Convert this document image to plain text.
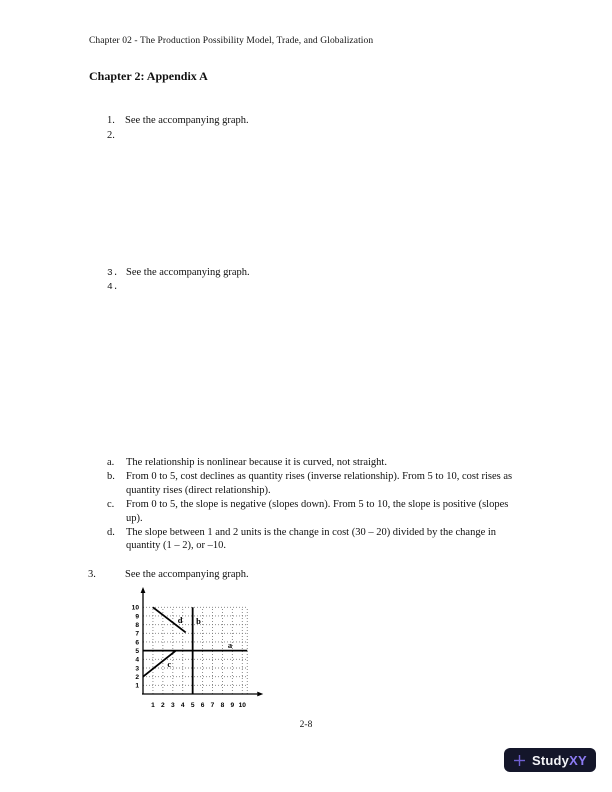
Chapter 02 - The Production Possibility Model, Trade, and Globalization
Chapter 2: Appendix A
1. See the accompanying graph.
2.
3. See the accompanying graph.
4.
a.	The relationship is nonlinear because it is curved, not straight.
b.	From 0 to 5, cost declines as quantity rises (inverse relationship). From 5 to 10, cost rises as quantity rises (direct relationship).
c.	From 0 to 5, the slope is negative (slopes down). From 5 to 10, the slope is positive (slopes up).
d.	The slope between 1 and 2 units is the change in cost (30 – 20) divided by the change in quantity (1 – 2), or –10.
3.	See the accompanying graph.
1 2 3 4 5 6 7 8 9 10
1
2
3
4
5
6
7
8
9
10
a
b
c
d
2-8
StudyXY
